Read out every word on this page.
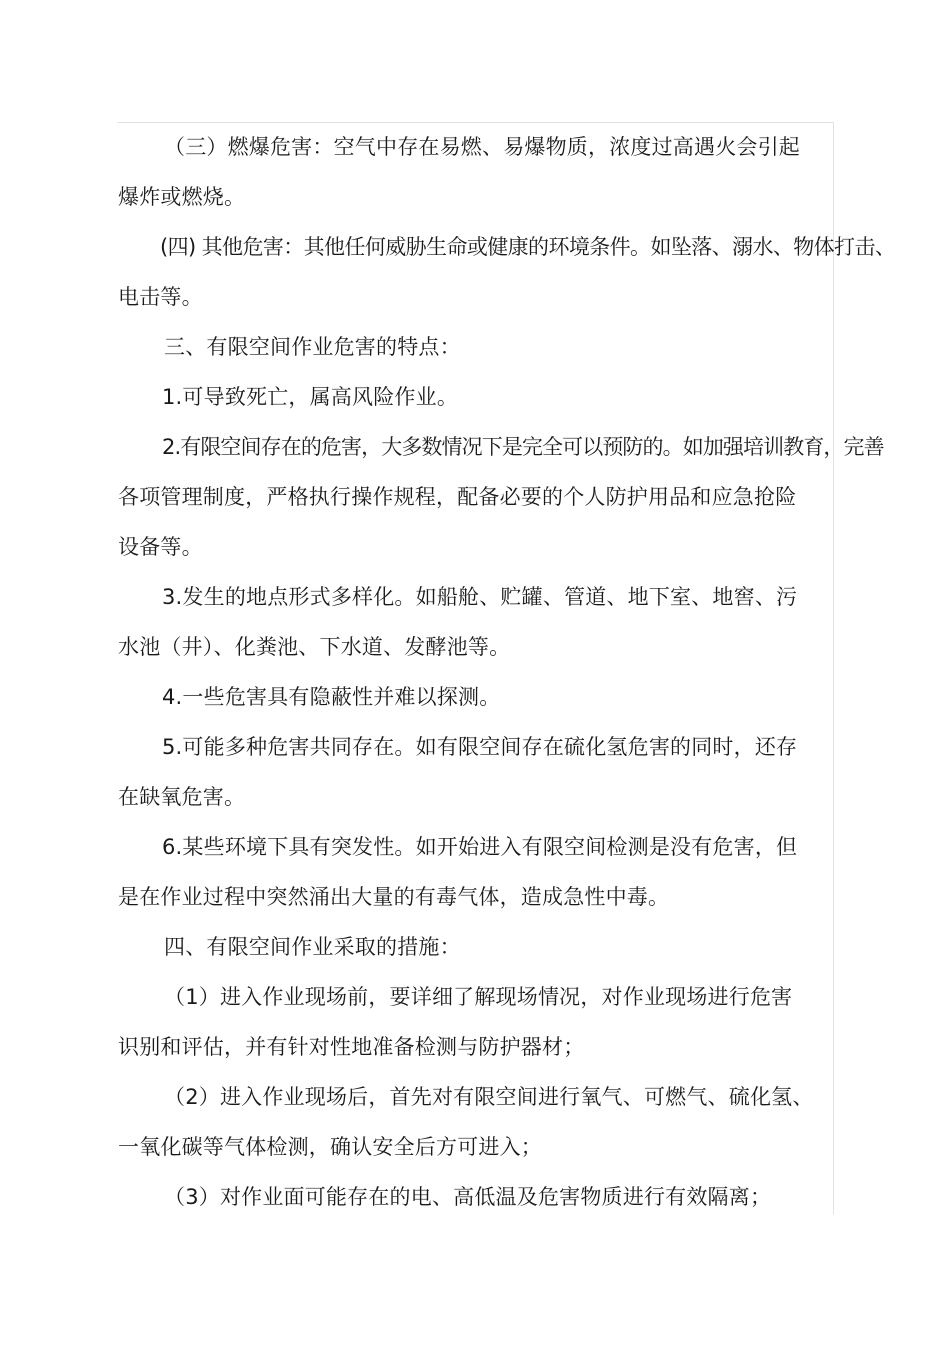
（三）燃爆危害：空气中存在易燃、易爆物质，浓度过高遇火会引起

爆炸或燃烧。

(四) 其他危害：其他任何威胁生命或健康的环境条件。如坠落、溺水、物体打击、

电击等。

三、有限空间作业危害的特点：

1.可导致死亡，属高风险作业。

2.有限空间存在的危害，大多数情况下是完全可以预防的。如加强培训教育，完善

各项管理制度，严格执行操作规程，配备必要的个人防护用品和应急抢险

设备等。

3.发生的地点形式多样化。如船舱、贮罐、管道、地下室、地窖、污

水池（井）、化粪池、下水道、发酵池等。

4.一些危害具有隐蔽性并难以探测。

5.可能多种危害共同存在。如有限空间存在硫化氢危害的同时，还存

在缺氧危害。

6.某些环境下具有突发性。如开始进入有限空间检测是没有危害，但

是在作业过程中突然涌出大量的有毒气体，造成急性中毒。

四、有限空间作业采取的措施：

（1）进入作业现场前，要详细了解现场情况，对作业现场进行危害

识别和评估，并有针对性地准备检测与防护器材；

（2）进入作业现场后，首先对有限空间进行氧气、可燃气、硫化氢、

一氧化碳等气体检测，确认安全后方可进入；

（3）对作业面可能存在的电、高低温及危害物质进行有效隔离；
